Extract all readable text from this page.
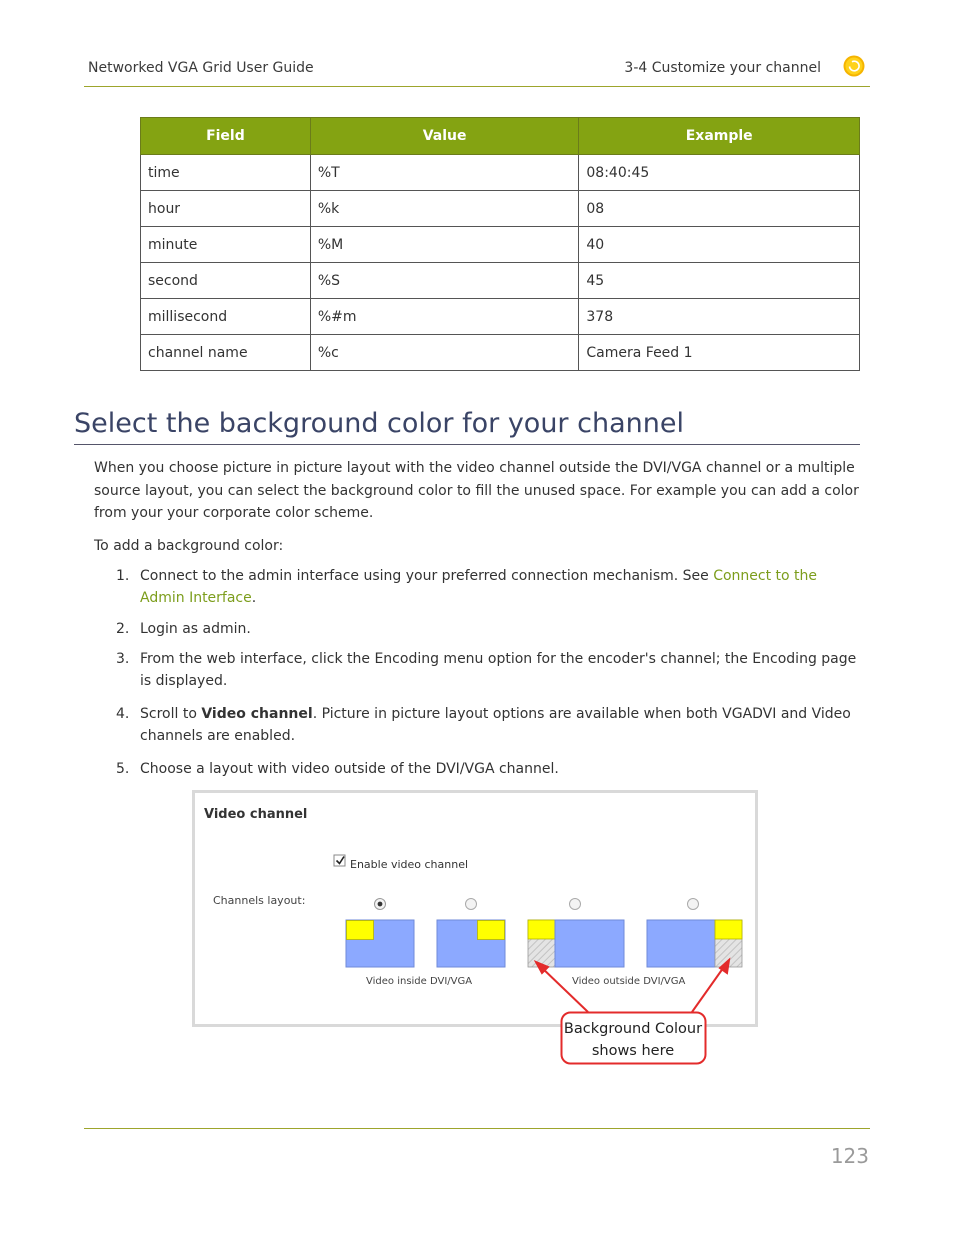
Networked VGA Grid User Guide	3-4 Customize your channel
Field	Value	Example
time	%T	08:40:45
hour	%k	08
minute	%M	40
second	%S	45
millisecond	%#m	378
channel name	%c	Camera Feed 1
Select the background color for your channel
When you choose picture in picture layout with the video channel outside the DVI/VGA channel or a multiple source layout, you can select the background color to fill the unused space. For example you can add a color from your your corporate color scheme.
To add a background color:
1. Connect to the admin interface using your preferred connection mechanism. See Connect to the Admin Interface.
2. Login as admin.
3. From the web interface, click the Encoding menu option for the encoder's channel; the Encoding page is displayed.
4. Scroll to Video channel. Picture in picture layout options are available when both VGADVI and Video channels are enabled.
5. Choose a layout with video outside of the DVI/VGA channel.
Video channel
Enable video channel
Channels layout:
Video inside DVI/VGA	Video outside DVI/VGA
Background Colour
shows here
123
